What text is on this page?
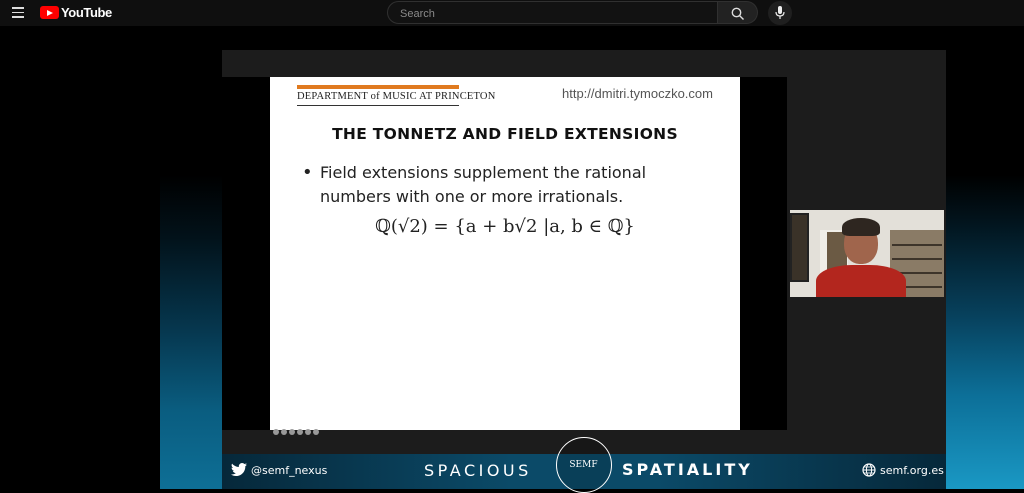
YouTube
Search
DEPARTMENT of MUSIC AT PRINCETON	http://dmitri.tymoczko.com
THE TONNETZ AND FIELD EXTENSIONS
• Field extensions supplement the rational numbers with one or more irrationals.
ℚ(√2) = {a + b√2 |a, b ∈ ℚ}
@semf_nexus	SPACIOUS	SEMF	SPATIALITY	semf.org.es
